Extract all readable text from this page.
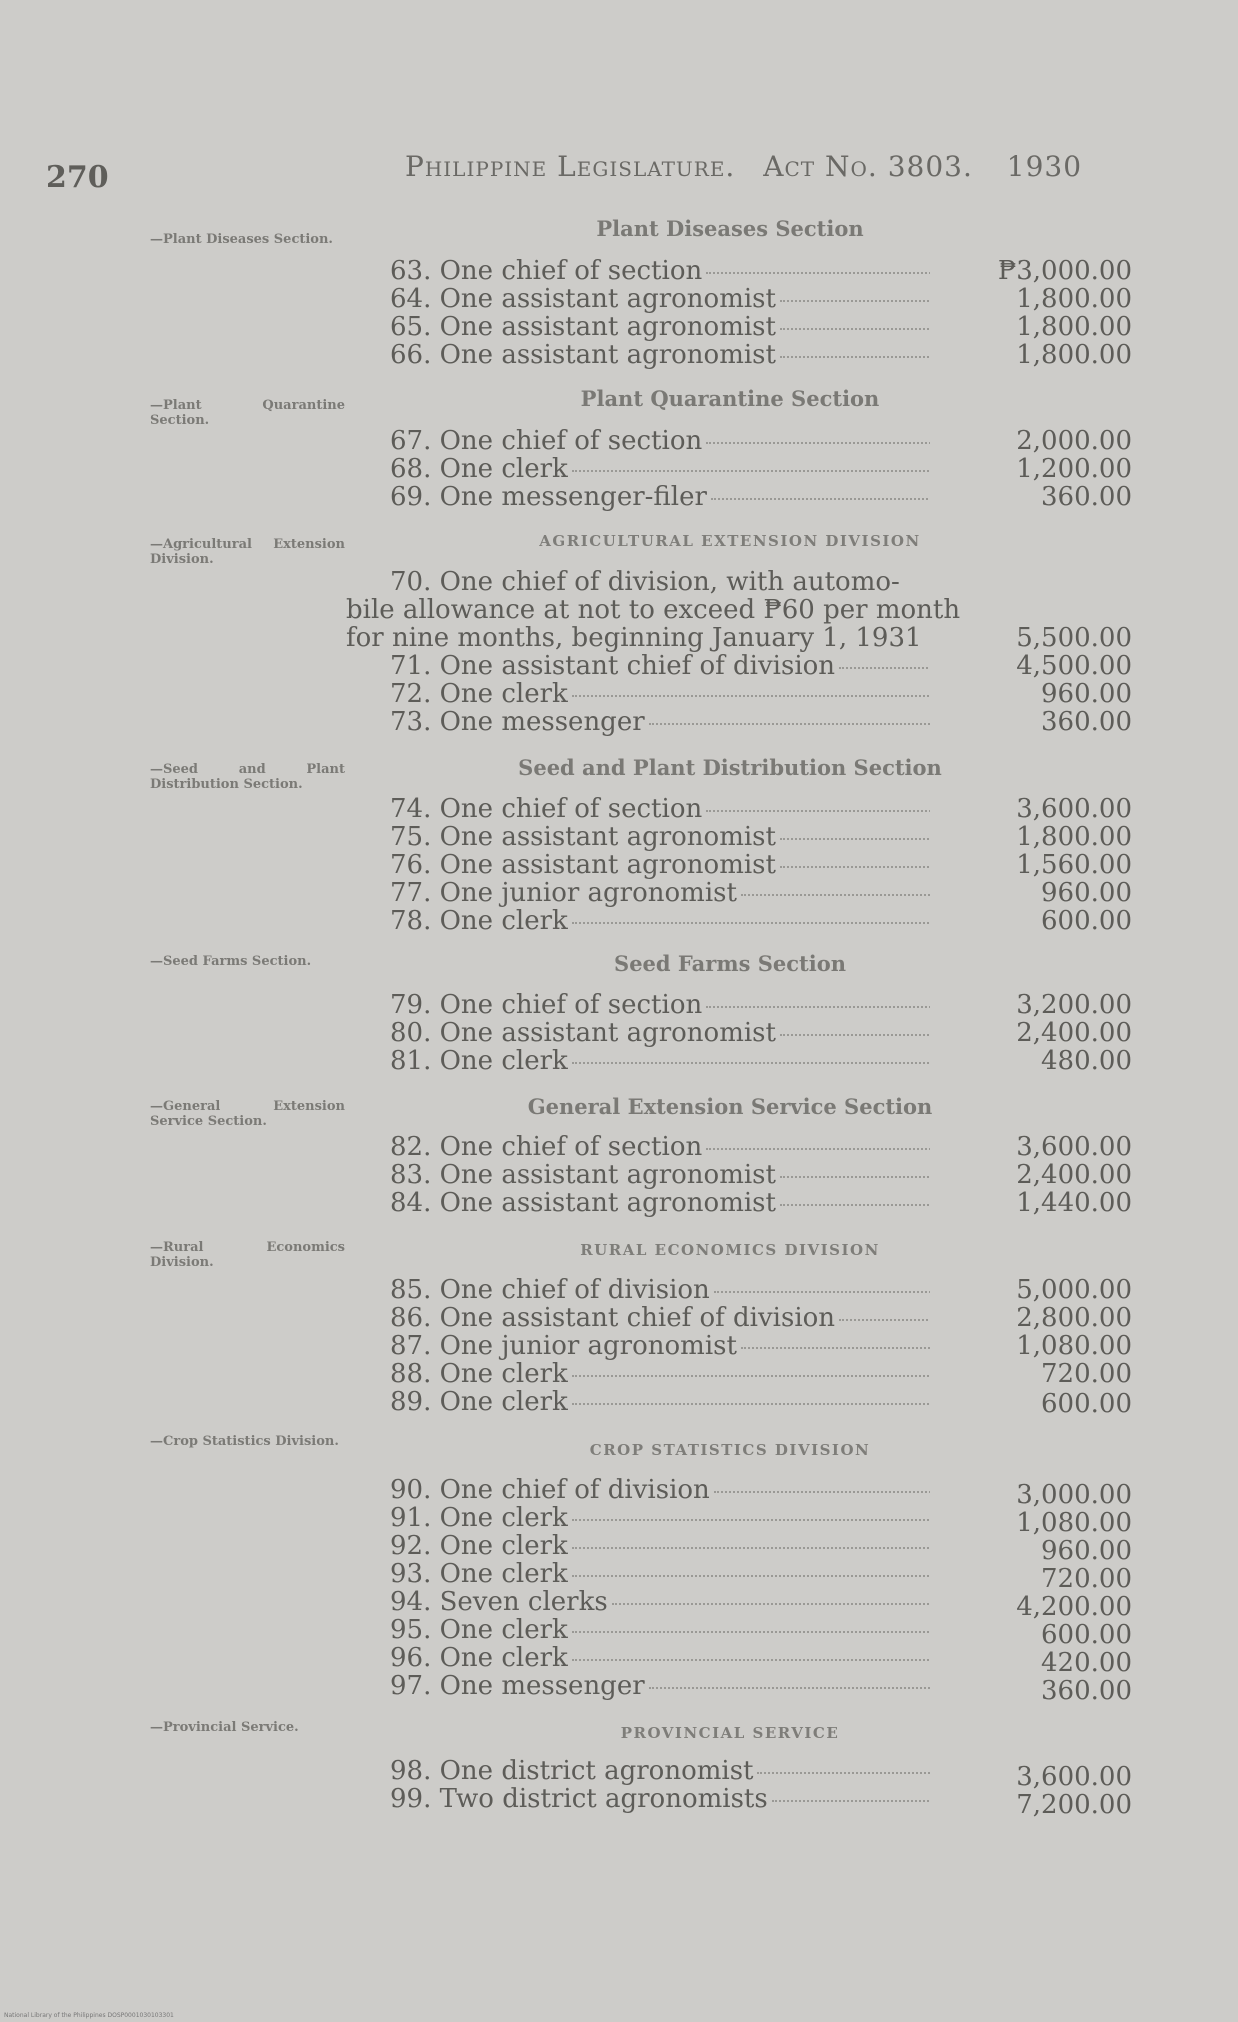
270	Philippine Legislature. Act No. 3803. 1930
—Plant Diseases Section.
—Plant Quarantine Section.
—Agricultural Extension Division.
—Seed and Plant Distribution Section.
—Seed Farms Section.
—General Extension Service Section.
—Rural Economics Division.
—Crop Statistics Division.
—Provincial Service.
Plant Diseases Section
Plant Quarantine Section
AGRICULTURAL EXTENSION DIVISION
Seed and Plant Distribution Section
Seed Farms Section
General Extension Service Section
RURAL ECONOMICS DIVISION
CROP STATISTICS DIVISION
PROVINCIAL SERVICE
63. One chief of section	₱3,000.00
64. One assistant agronomist	1,800.00
65. One assistant agronomist	1,800.00
66. One assistant agronomist	1,800.00
67. One chief of section	2,000.00
68. One clerk	1,200.00
69. One messenger-filer	360.00
70. One chief of division, with automo-
bile allowance at not to exceed ₱60 per month
for nine months, beginning January 1, 1931	5,500.00
71. One assistant chief of division	4,500.00
72. One clerk	960.00
73. One messenger	360.00
74. One chief of section	3,600.00
75. One assistant agronomist	1,800.00
76. One assistant agronomist	1,560.00
77. One junior agronomist	960.00
78. One clerk	600.00
79. One chief of section	3,200.00
80. One assistant agronomist	2,400.00
81. One clerk	480.00
82. One chief of section	3,600.00
83. One assistant agronomist	2,400.00
84. One assistant agronomist	1,440.00
85. One chief of division	5,000.00
86. One assistant chief of division	2,800.00
87. One junior agronomist	1,080.00
88. One clerk	720.00
89. One clerk	600.00
90. One chief of division	3,000.00
91. One clerk	1,080.00
92. One clerk	960.00
93. One clerk	720.00
94. Seven clerks	4,200.00
95. One clerk	600.00
96. One clerk	420.00
97. One messenger	360.00
98. One district agronomist	3,600.00
99. Two district agronomists	7,200.00
National Library of the Philippines DOSP0001030103301
